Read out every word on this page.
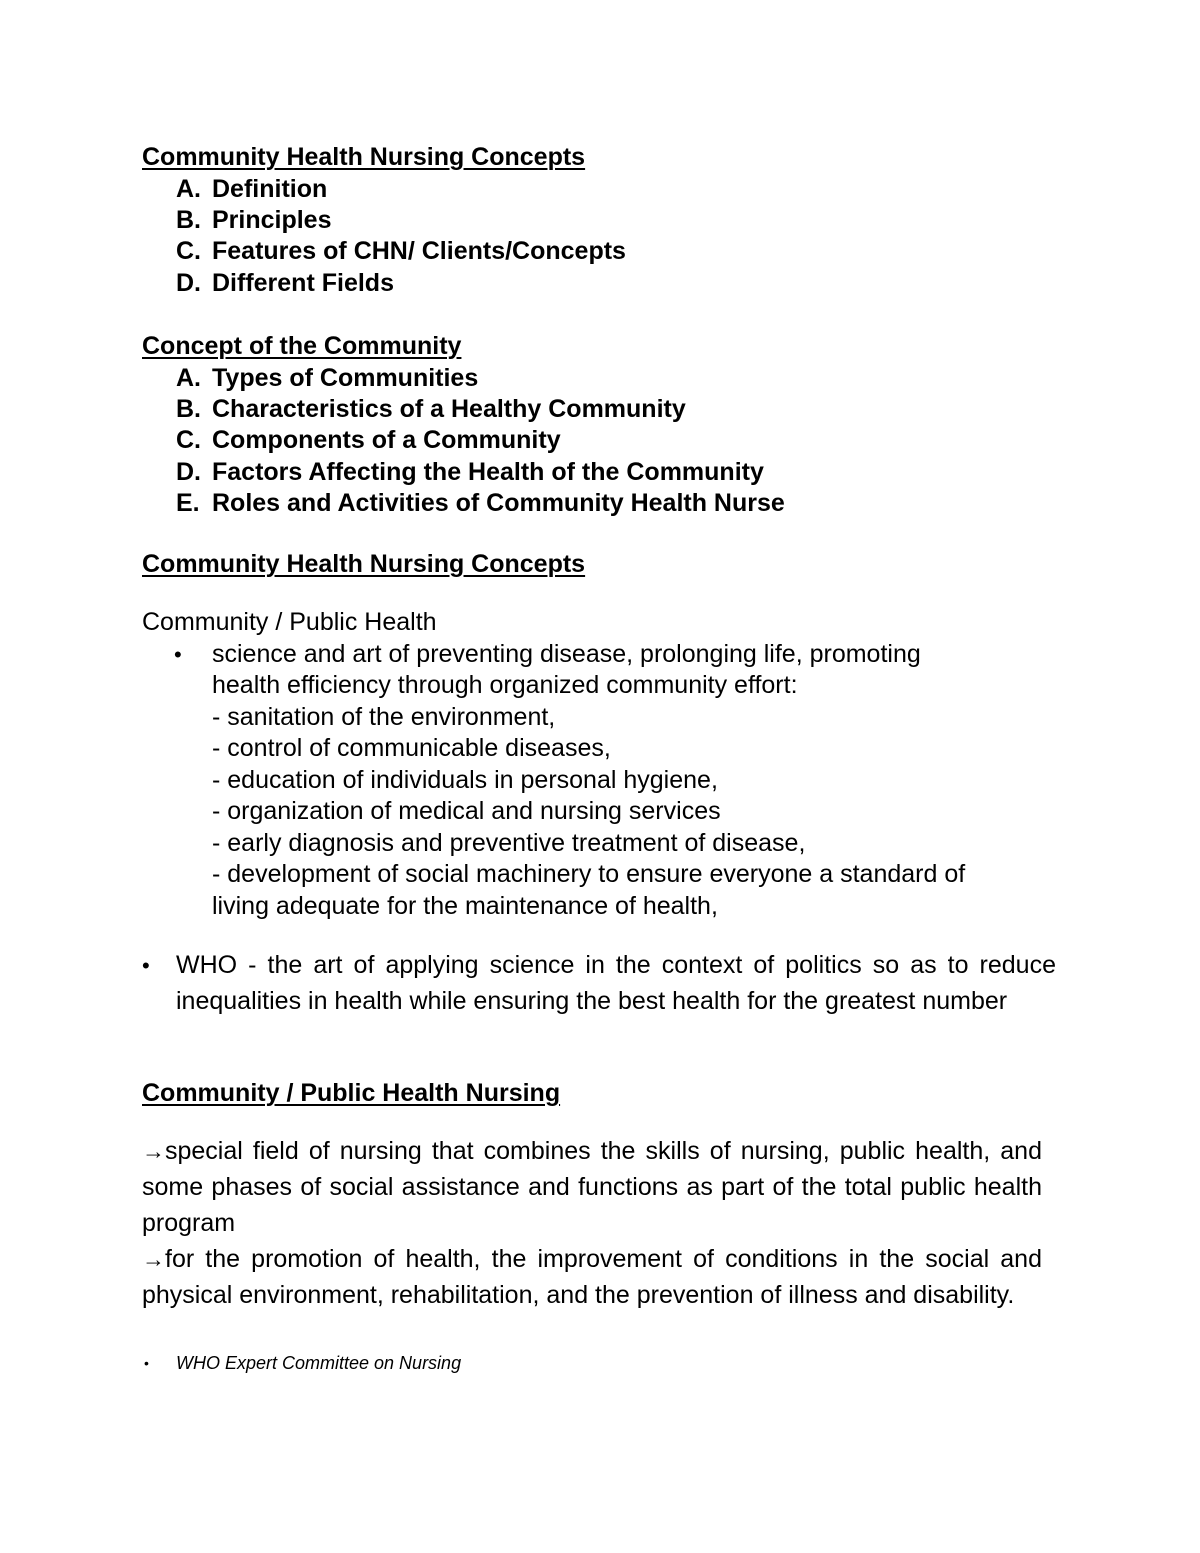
Community Health Nursing Concepts
A. Definition
B. Principles
C. Features of CHN/ Clients/Concepts
D. Different Fields
Concept of the Community
A. Types of Communities
B. Characteristics of a Healthy Community
C. Components of a Community
D. Factors Affecting the Health of the Community
E. Roles and Activities of Community Health Nurse
Community Health Nursing Concepts
Community / Public Health
• science and art of preventing disease, prolonging life, promoting
health efficiency through organized community effort:
- sanitation of the environment,
- control of communicable diseases,
- education of individuals in personal hygiene,
- organization of medical and nursing services
- early diagnosis and preventive treatment of disease,
- development of social machinery to ensure everyone a standard of
living adequate for the maintenance of health,
• WHO - the art of applying science in the context of politics so as to reduce inequalities in health while ensuring the best health for the greatest number
Community / Public Health Nursing
→special field of nursing that combines the skills of nursing, public health, and some phases of social assistance and functions as part of the total public health program
→for the promotion of health, the improvement of conditions in the social and physical environment, rehabilitation, and the prevention of illness and disability.
• WHO Expert Committee on Nursing
